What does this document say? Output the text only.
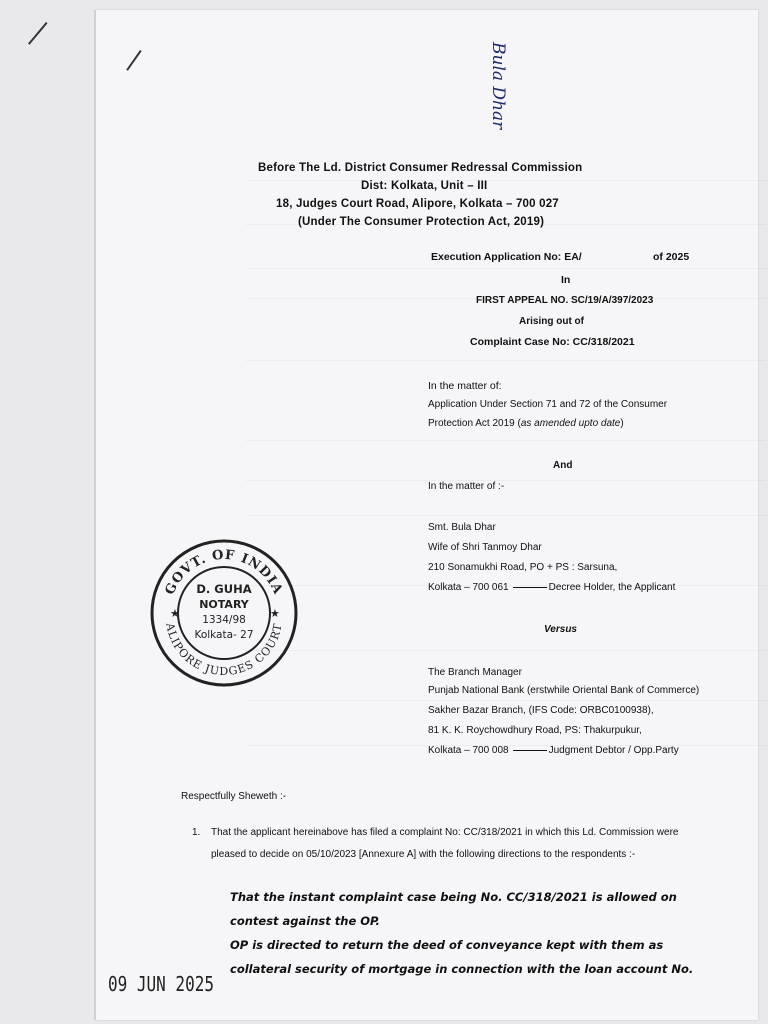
Bula Dhar
Before The Ld. District Consumer Redressal Commission
Dist: Kolkata, Unit – III
18, Judges Court Road, Alipore, Kolkata – 700 027
(Under The Consumer Protection Act, 2019)
Execution Application No: EA/	of 2025
In
FIRST APPEAL NO. SC/19/A/397/2023
Arising out of
Complaint Case No: CC/318/2021
In the matter of:
Application Under Section 71 and 72 of the Consumer
Protection Act 2019 (as amended upto date)
And
In the matter of :-
Smt. Bula Dhar
Wife of Shri Tanmoy Dhar
210 Sonamukhi Road, PO + PS : Sarsuna,
Kolkata – 700 061	Decree Holder, the Applicant
Versus
The Branch Manager
Punjab National Bank (erstwhile Oriental Bank of Commerce)
Sakher Bazar Branch, (IFS Code: ORBC0100938),
81 K. K. Roychowdhury Road, PS: Thakurpukur,
Kolkata – 700 008	Judgment Debtor / Opp.Party
Respectfully Sheweth :-
1. That the applicant hereinabove has filed a complaint No: CC/318/2021 in which this Ld. Commission were
pleased to decide on 05/10/2023 [Annexure A] with the following directions to the respondents :-
That the instant complaint case being No. CC/318/2021 is allowed on
contest against the OP.
OP is directed to return the deed of conveyance kept with them as
collateral security of mortgage in connection with the loan account No.
09 JUN 2025
GOVT. OF INDIA
ALIPORE JUDGES COURT
★	★
D. GUHA
NOTARY
1334/98
Kolkata- 27
